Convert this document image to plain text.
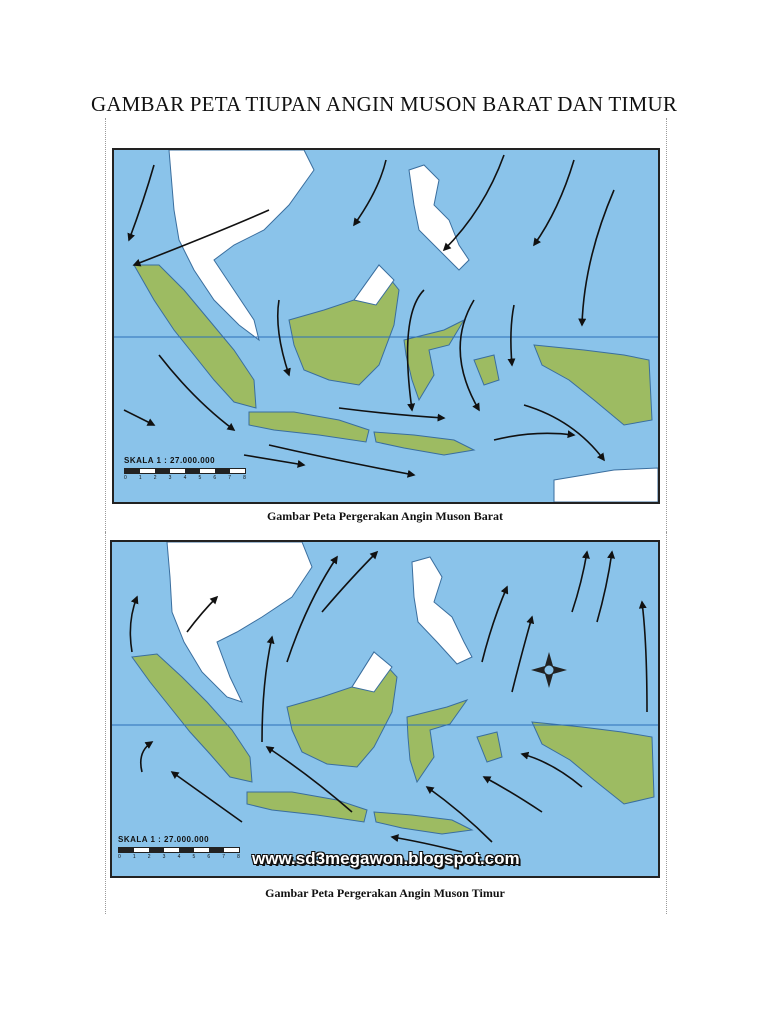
GAMBAR PETA TIUPAN ANGIN MUSON BARAT DAN TIMUR
SKALA 1 : 27.000.000
0 1 2 3 4 5 6 7 8
Gambar Peta Pergerakan Angin Muson Barat
SKALA 1 : 27.000.000
0 1 2 3 4 5 6 7 8 www.sd3megawon.blogspot.com
Gambar Peta Pergerakan Angin Muson Timur
